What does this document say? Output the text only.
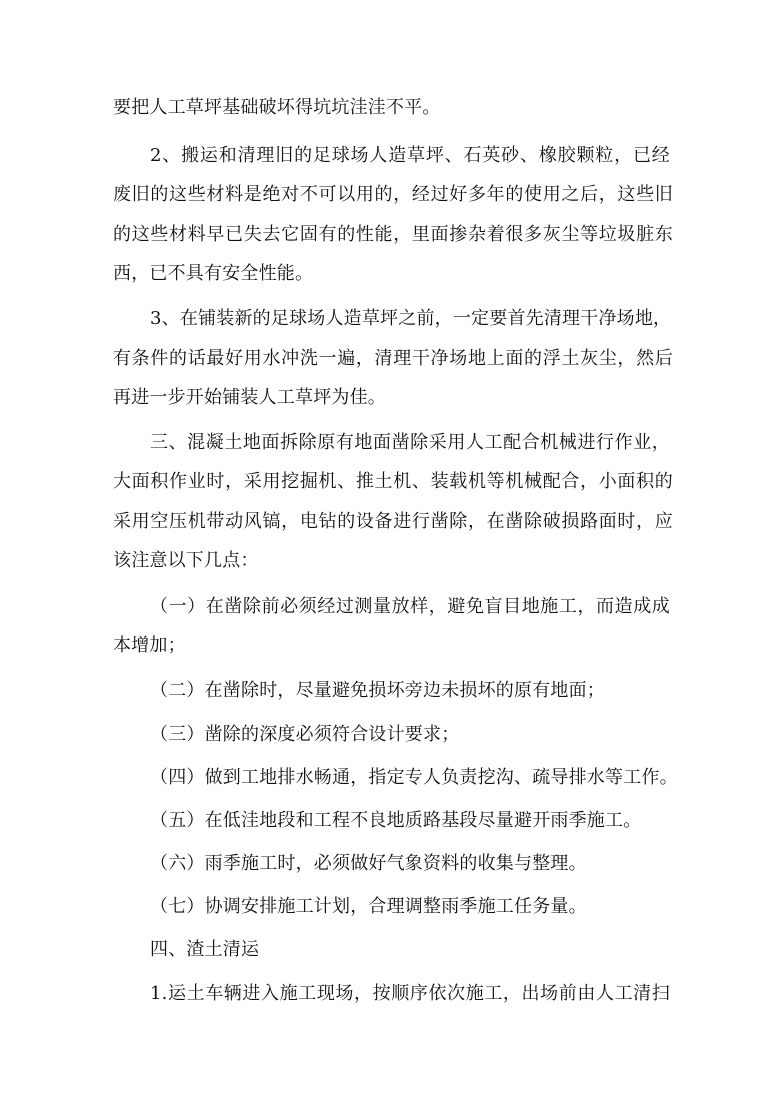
要把人工草坪基础破坏得坑坑洼洼不平。
2、搬运和清理旧的足球场人造草坪、石英砂、橡胶颗粒，已经
废旧的这些材料是绝对不可以用的，经过好多年的使用之后，这些旧
的这些材料早已失去它固有的性能，里面掺杂着很多灰尘等垃圾脏东
西，已不具有安全性能。
3、在铺装新的足球场人造草坪之前，一定要首先清理干净场地，
有条件的话最好用水冲洗一遍，清理干净场地上面的浮土灰尘，然后
再进一步开始铺装人工草坪为佳。
三、混凝土地面拆除原有地面凿除采用人工配合机械进行作业，
大面积作业时，采用挖掘机、推土机、装载机等机械配合，小面积的
采用空压机带动风镐，电钻的设备进行凿除，在凿除破损路面时，应
该注意以下几点：
（一）在凿除前必须经过测量放样，避免盲目地施工，而造成成
本增加；
（二）在凿除时，尽量避免损坏旁边未损坏的原有地面；
（三）凿除的深度必须符合设计要求；
（四）做到工地排水畅通，指定专人负责挖沟、疏导排水等工作。
（五）在低洼地段和工程不良地质路基段尽量避开雨季施工。
（六）雨季施工时，必须做好气象资料的收集与整理。
（七）协调安排施工计划，合理调整雨季施工任务量。
四、渣土清运
1.运土车辆进入施工现场，按顺序依次施工，出场前由人工清扫
